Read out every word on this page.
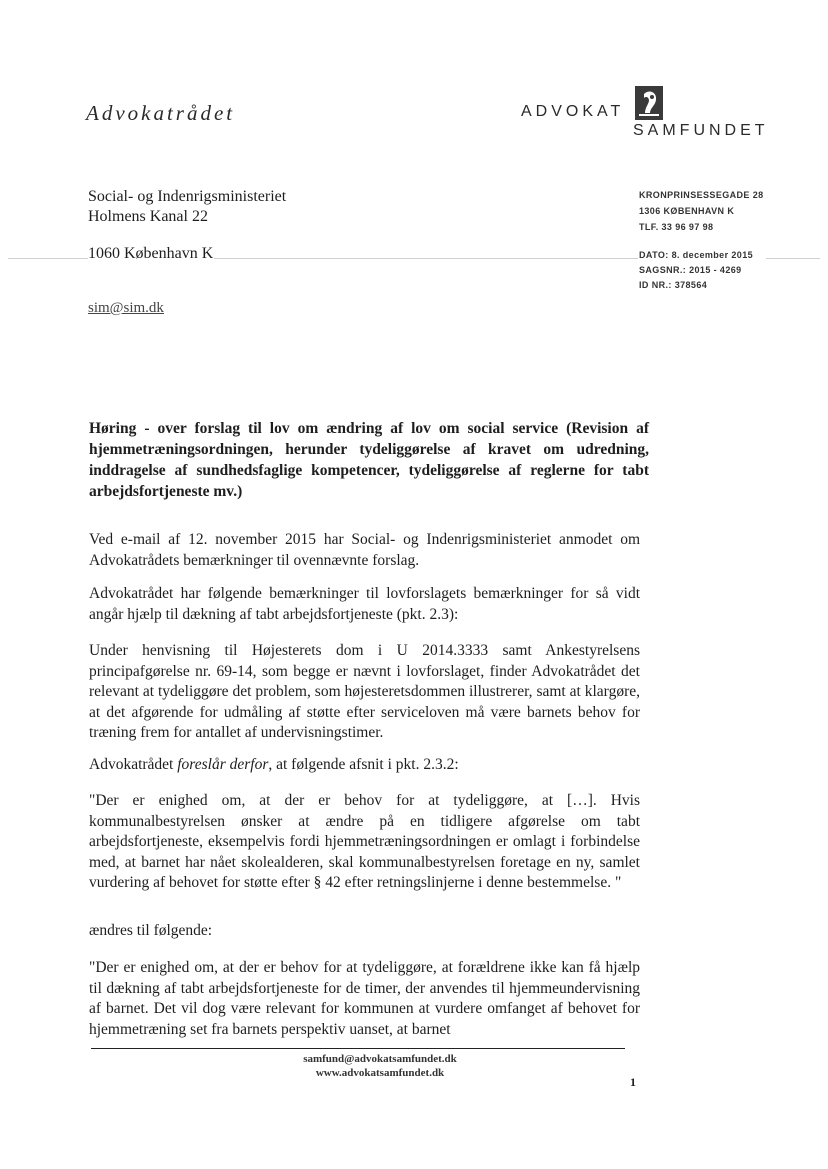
Advokatrådet	ADVOKAT
SAMFUNDET
Social- og Indenrigsministeriet
Holmens Kanal 22
1060 København K
sim@sim.dk
KRONPRINSESSEGADE 28
1306 KØBENHAVN K
TLF. 33 96 97 98
DATO: 8. december 2015
SAGSNR.: 2015 - 4269
ID NR.: 378564
Høring - over forslag til lov om ændring af lov om social service (Revision af hjemmetræningsordningen, herunder tydeliggørelse af kravet om udredning, inddragelse af sundhedsfaglige kompetencer, tydeliggørelse af reglerne for tabt arbejdsfortjeneste mv.)
Ved e-mail af 12. november 2015 har Social- og Indenrigsministeriet anmodet om Advokatrådets bemærkninger til ovennævnte forslag.
Advokatrådet har følgende bemærkninger til lovforslagets bemærkninger for så vidt angår hjælp til dækning af tabt arbejdsfortjeneste (pkt. 2.3):
Under henvisning til Højesterets dom i U 2014.3333 samt Ankestyrelsens principafgørelse nr. 69-14, som begge er nævnt i lovforslaget, finder Advokatrådet det relevant at tydeliggøre det problem, som højesteretsdommen illustrerer, samt at klargøre, at det afgørende for udmåling af støtte efter serviceloven må være barnets behov for træning frem for antallet af undervisningstimer.
Advokatrådet foreslår derfor, at følgende afsnit i pkt. 2.3.2:
"Der er enighed om, at der er behov for at tydeliggøre, at […]. Hvis kommunalbestyrelsen ønsker at ændre på en tidligere afgørelse om tabt arbejdsfortjeneste, eksempelvis fordi hjemmetræningsordningen er omlagt i forbindelse med, at barnet har nået skolealderen, skal kommunalbestyrelsen foretage en ny, samlet vurdering af behovet for støtte efter § 42 efter retningslinjerne i denne bestemmelse. "
ændres til følgende:
"Der er enighed om, at der er behov for at tydeliggøre, at forældrene ikke kan få hjælp til dækning af tabt arbejdsfortjeneste for de timer, der anvendes til hjemmeundervisning af barnet. Det vil dog være relevant for kommunen at vurdere omfanget af behovet for hjemmetræning set fra barnets perspektiv uanset, at barnet
samfund@advokatsamfundet.dk
www.advokatsamfundet.dk
1
